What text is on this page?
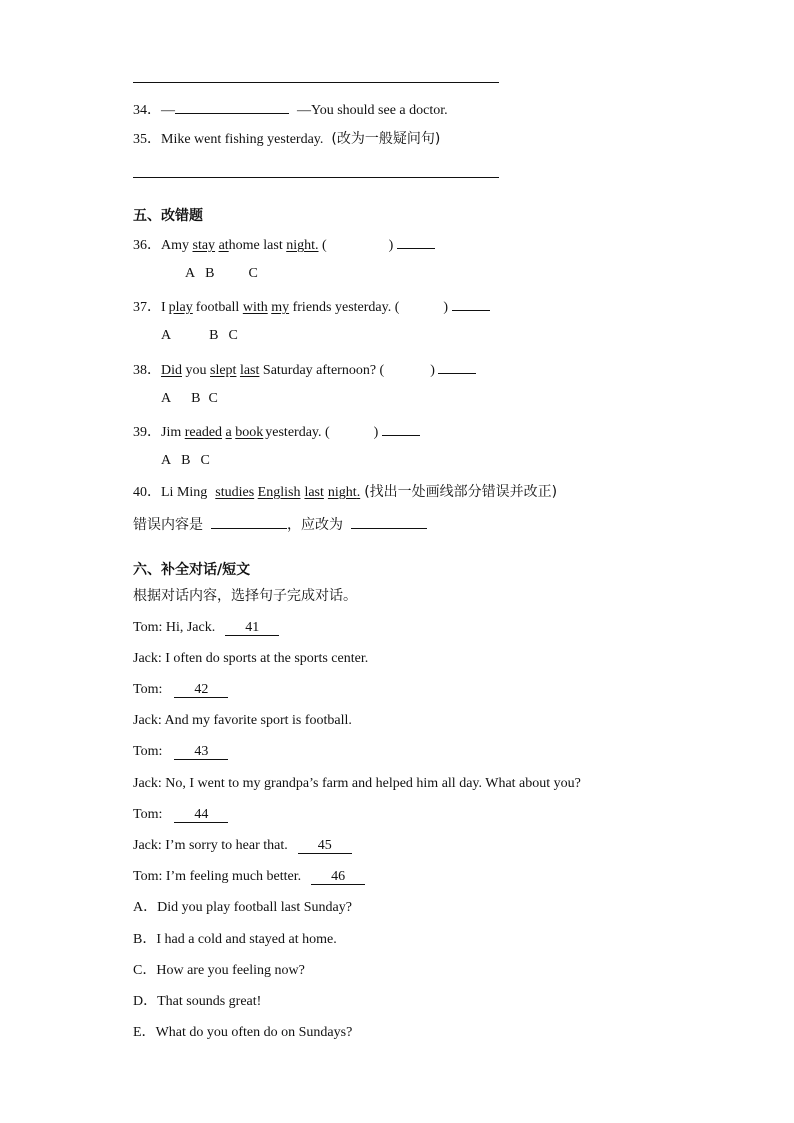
34．—	—You should see a doctor.
35．Mike went fishing yesterday. (改为一般疑问句)
五、改错题
36．Amy stay athome last night. (	)
A B C
37．I play football with my friends yesterday. (	)
A	B C
38．Did you slept last Saturday afternoon? (	)
A B C
39．Jim readed a book yesterday. (	)
A B C
40．Li Ming studies English last night. (找出一处画线部分错误并改正)
错误内容是	，应改为
六、补全对话/短文
根据对话内容，选择句子完成对话。
Tom: Hi, Jack. 41
Jack: I often do sports at the sports center.
Tom: 42
Jack: And my favorite sport is football.
Tom: 43
Jack: No, I went to my grandpa’s farm and helped him all day. What about you?
Tom: 44
Jack: I’m sorry to hear that. 45
Tom: I’m feeling much better. 46
A．Did you play football last Sunday?
B．I had a cold and stayed at home.
C．How are you feeling now?
D．That sounds great!
E．What do you often do on Sundays?
